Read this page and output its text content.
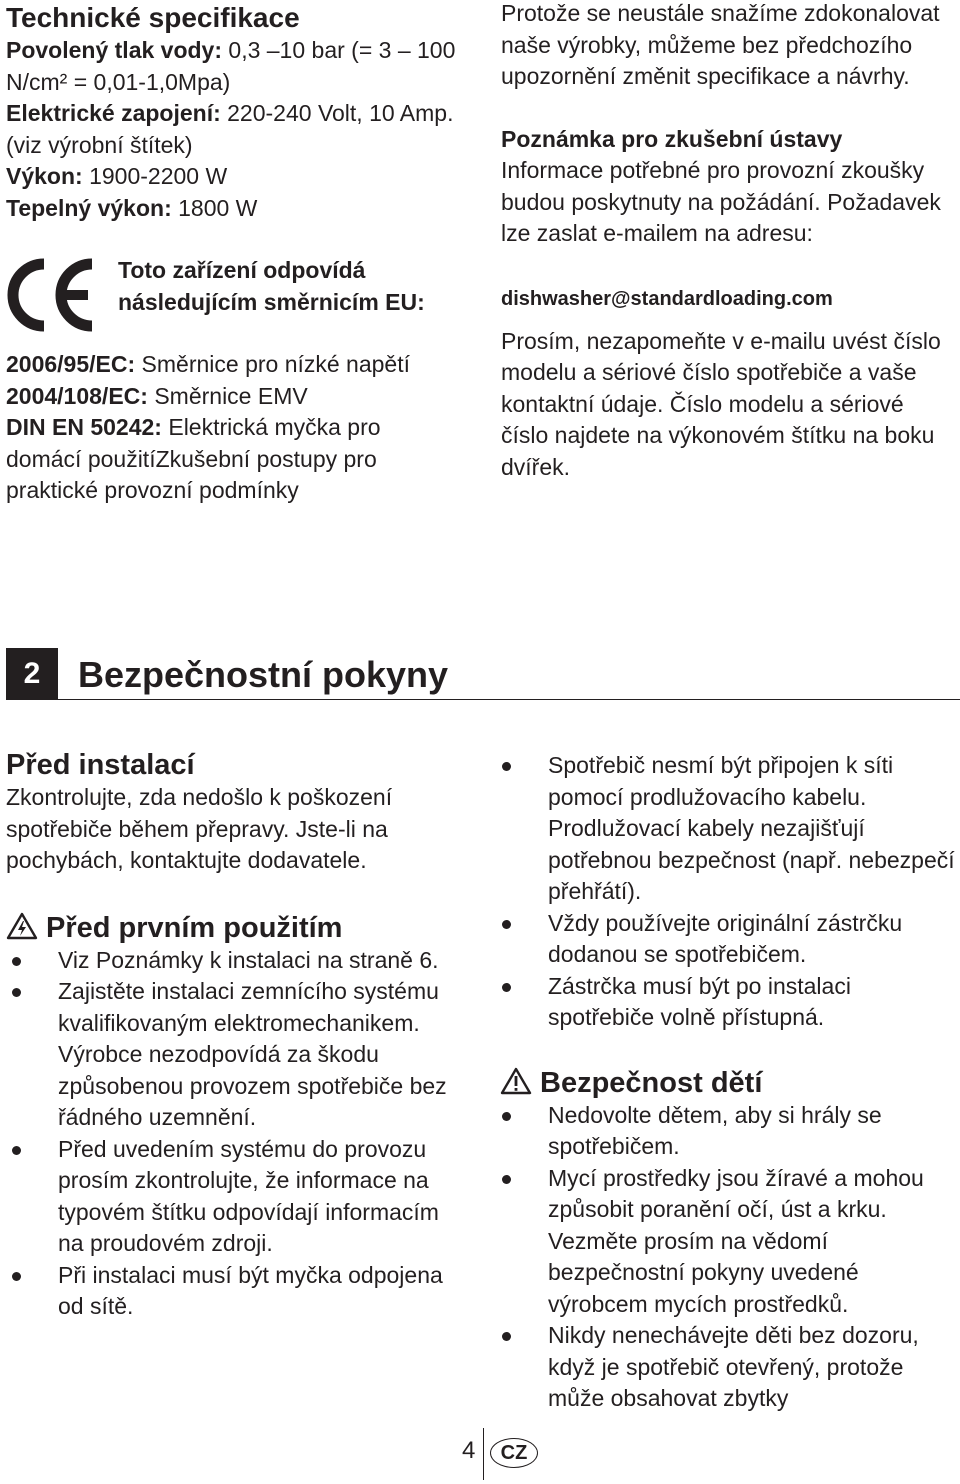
Technické specifikace

Povolený tlak vody: 0,3 –10 bar (= 3 – 100 N/cm² = 0,01-1,0Mpa)

Elektrické zapojení: 220-240 Volt, 10 Amp. (viz výrobní štítek)

Výkon: 1900-2200 W

Tepelný výkon: 1800 W

Toto zařízení odpovídá následujícím směrnicím EU:

2006/95/EC: Směrnice pro nízké napětí

2004/108/EC: Směrnice EMV

DIN EN 50242: Elektrická myčka pro domácí použitíZkušební postupy pro praktické provozní podmínky

Protože se neustále snažíme zdokonalovat naše výrobky, můžeme bez předchozího upozornění změnit specifikace a návrhy.

Poznámka pro zkušební ústavy

Informace potřebné pro provozní zkoušky budou poskytnuty na požádání. Požadavek lze zaslat e-mailem na adresu:

dishwasher@standardloading.com

Prosím, nezapomeňte v e-mailu uvést číslo modelu a sériové číslo spotřebiče a vaše kontaktní údaje. Číslo modelu a sériové číslo najdete na výkonovém štítku na boku dvířek.

2	Bezpečnostní pokyny

Před instalací

Zkontrolujte, zda nedošlo k poškození spotřebiče během přepravy. Jste-li na pochybách, kontaktujte dodavatele.

Před prvním použitím

Viz Poznámky k instalaci na straně 6.
Zajistěte instalaci zemnícího systému kvalifikovaným elektromechanikem. Výrobce nezodpovídá za škodu způsobenou provozem spotřebiče bez řádného uzemnění.
Před uvedením systému do provozu prosím zkontrolujte, že informace na typovém štítku odpovídají informacím na proudovém zdroji.
Při instalaci musí být myčka odpojena od sítě.
Spotřebič nesmí být připojen k síti pomocí prodlužovacího kabelu. Prodlužovací kabely nezajišťují potřebnou bezpečnost (např. nebezpečí přehřátí).
Vždy používejte originální zástrčku dodanou se spotřebičem.
Zástrčka musí být po instalaci spotřebiče volně přístupná.

Bezpečnost dětí

Nedovolte dětem, aby si hrály se spotřebičem.
Mycí prostředky jsou žíravé a mohou způsobit poranění očí, úst a krku. Vezměte prosím na vědomí bezpečnostní pokyny uvedené výrobcem mycích prostředků.
Nikdy nenechávejte děti bez dozoru, když je spotřebič otevřený, protože může obsahovat zbytky
4	CZ
